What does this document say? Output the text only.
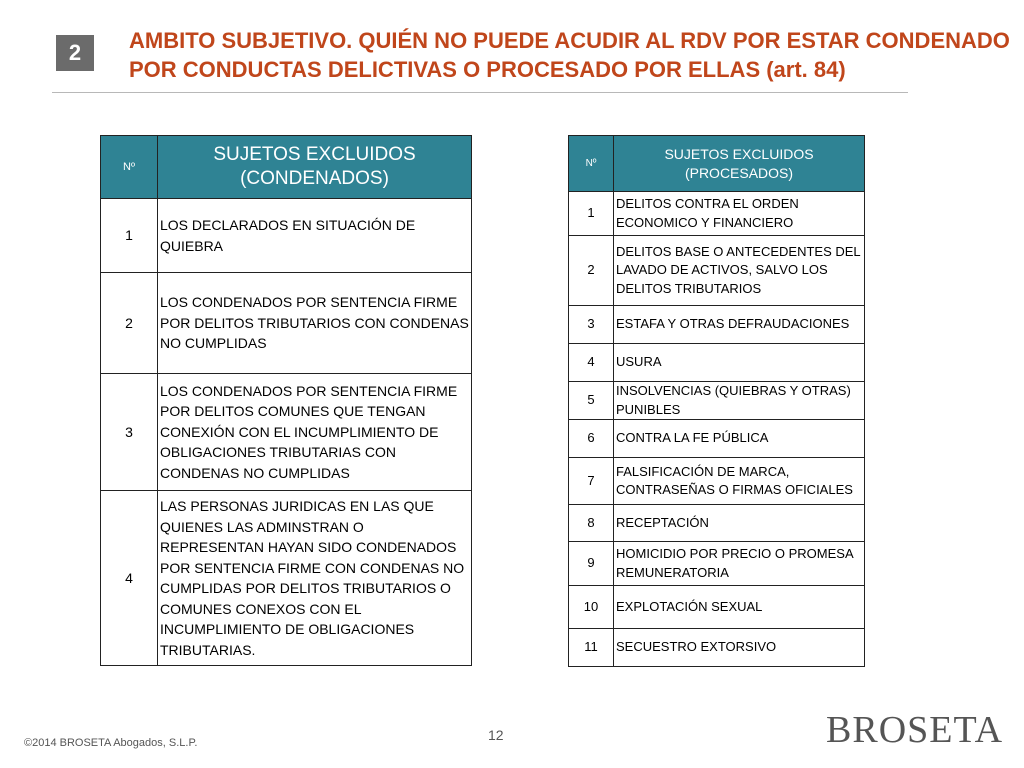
2	AMBITO SUBJETIVO. QUIÉN NO PUEDE ACUDIR AL RDV POR ESTAR CONDENADO
POR CONDUCTAS DELICTIVAS O PROCESADO POR ELLAS (art. 84)
Nº	SUJETOS EXCLUIDOS (CONDENADOS)
1	LOS DECLARADOS EN SITUACIÓN DE QUIEBRA
2	LOS CONDENADOS POR SENTENCIA FIRME POR DELITOS TRIBUTARIOS CON CONDENAS NO CUMPLIDAS
3	LOS CONDENADOS POR SENTENCIA FIRME POR DELITOS COMUNES QUE TENGAN CONEXIÓN CON EL INCUMPLIMIENTO DE OBLIGACIONES TRIBUTARIAS CON CONDENAS NO CUMPLIDAS
4	LAS PERSONAS JURIDICAS EN LAS QUE QUIENES LAS ADMINSTRAN O REPRESENTAN HAYAN SIDO CONDENADOS POR SENTENCIA FIRME CON CONDENAS NO CUMPLIDAS POR DELITOS TRIBUTARIOS O COMUNES CONEXOS CON EL INCUMPLIMIENTO DE OBLIGACIONES TRIBUTARIAS.
Nº	SUJETOS EXCLUIDOS (PROCESADOS)
1	DELITOS CONTRA EL ORDEN ECONOMICO Y FINANCIERO
2	DELITOS BASE O ANTECEDENTES DEL LAVADO DE ACTIVOS, SALVO LOS DELITOS TRIBUTARIOS
3	ESTAFA Y OTRAS DEFRAUDACIONES
4	USURA
5	INSOLVENCIAS (QUIEBRAS Y OTRAS) PUNIBLES
6	CONTRA LA FE PÚBLICA
7	FALSIFICACIÓN DE MARCA, CONTRASEÑAS O FIRMAS OFICIALES
8	RECEPTACIÓN
9	HOMICIDIO POR PRECIO O PROMESA REMUNERATORIA
10	EXPLOTACIÓN SEXUAL
11	SECUESTRO EXTORSIVO
12
©2014 BROSETA Abogados, S.L.P.	BROSETA
